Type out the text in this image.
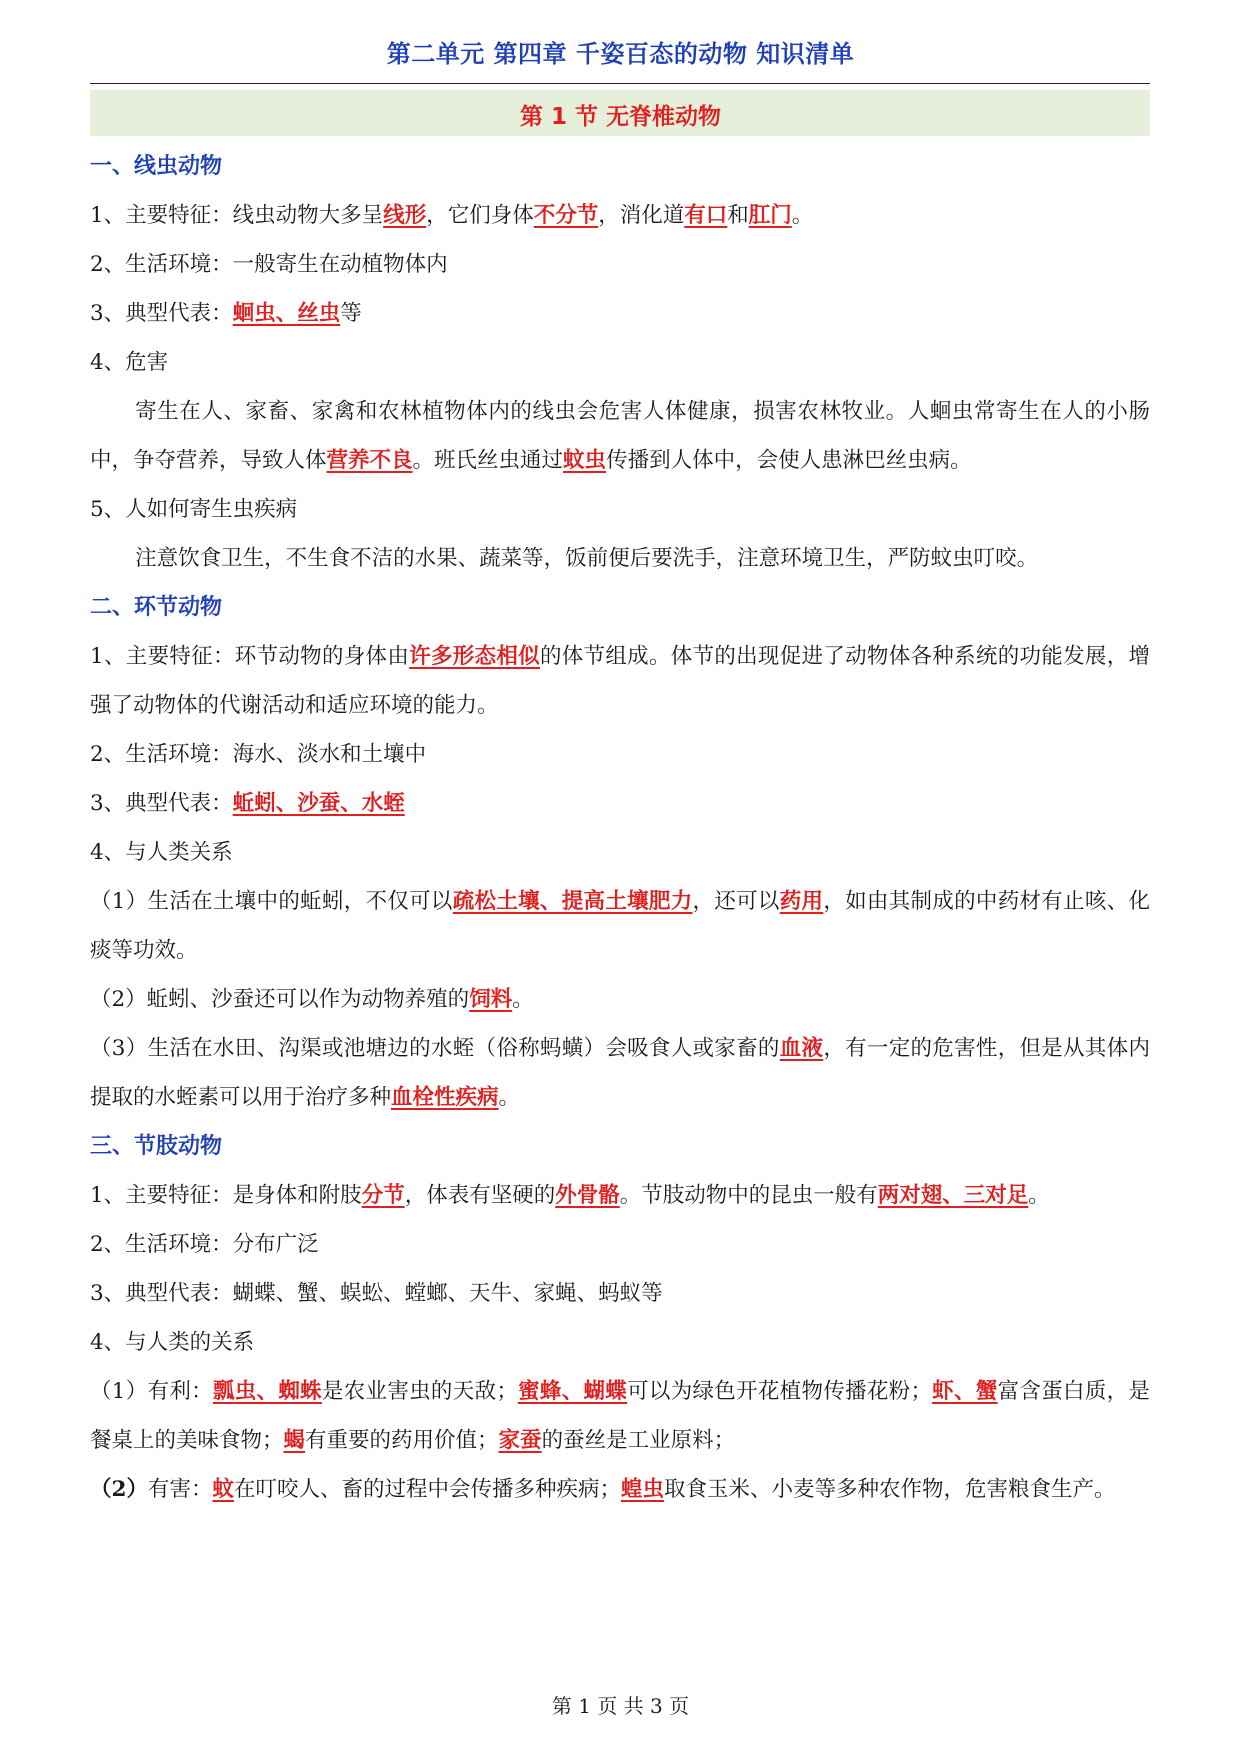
第二单元 第四章 千姿百态的动物 知识清单
第 1 节 无脊椎动物

一、线虫动物

1、主要特征：线虫动物大多呈线形，它们身体不分节，消化道有口和肛门。

2、生活环境：一般寄生在动植物体内

3、典型代表：蛔虫、丝虫等

4、危害

寄生在人、家畜、家禽和农林植物体内的线虫会危害人体健康，损害农林牧业。人蛔虫常寄生在人的小肠中，争夺营养，导致人体营养不良。班氏丝虫通过蚊虫传播到人体中，会使人患淋巴丝虫病。

5、人如何寄生虫疾病

注意饮食卫生，不生食不洁的水果、蔬菜等，饭前便后要洗手，注意环境卫生，严防蚊虫叮咬。

二、环节动物

1、主要特征：环节动物的身体由许多形态相似的体节组成。体节的出现促进了动物体各种系统的功能发展，增强了动物体的代谢活动和适应环境的能力。

2、生活环境：海水、淡水和土壤中

3、典型代表：蚯蚓、沙蚕、水蛭

4、与人类关系

（1）生活在土壤中的蚯蚓，不仅可以疏松土壤、提高土壤肥力，还可以药用，如由其制成的中药材有止咳、化痰等功效。

（2）蚯蚓、沙蚕还可以作为动物养殖的饲料。

（3）生活在水田、沟渠或池塘边的水蛭（俗称蚂蟥）会吸食人或家畜的血液，有一定的危害性，但是从其体内提取的水蛭素可以用于治疗多种血栓性疾病。

三、节肢动物

1、主要特征：是身体和附肢分节，体表有坚硬的外骨骼。节肢动物中的昆虫一般有两对翅、三对足。

2、生活环境：分布广泛

3、典型代表：蝴蝶、蟹、蜈蚣、螳螂、天牛、家蝇、蚂蚁等

4、与人类的关系

（1）有利：瓢虫、蜘蛛是农业害虫的天敌；蜜蜂、蝴蝶可以为绿色开花植物传播花粉；虾、蟹富含蛋白质，是餐桌上的美味食物；蝎有重要的药用价值；家蚕的蚕丝是工业原料；

（2）有害：蚊在叮咬人、畜的过程中会传播多种疾病；蝗虫取食玉米、小麦等多种农作物，危害粮食生产。

第 1 页 共 3 页
